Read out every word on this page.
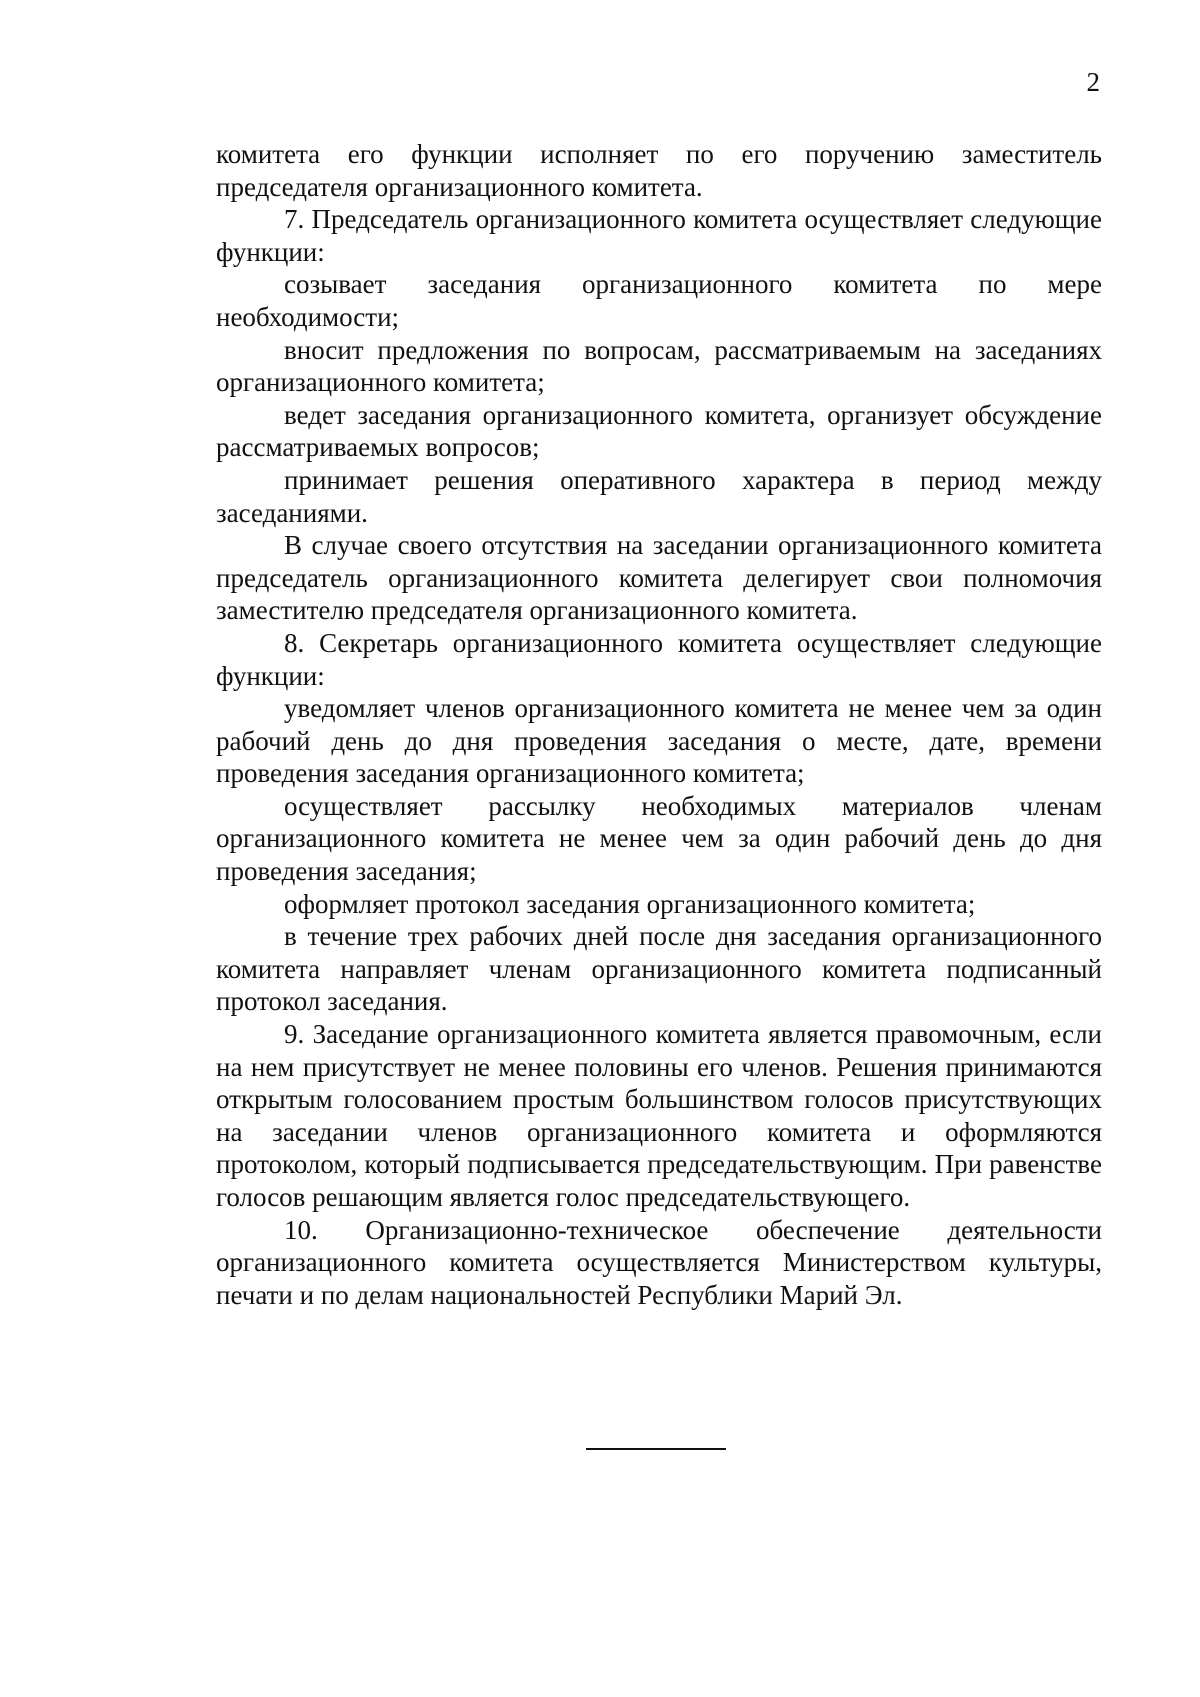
2

комитета его функции исполняет по его поручению заместитель председателя организационного комитета.

7. Председатель организационного комитета осуществляет следующие функции:

созывает заседания организационного комитета по мере необходимости;

вносит предложения по вопросам, рассматриваемым на заседаниях организационного комитета;

ведет заседания организационного комитета, организует обсуждение рассматриваемых вопросов;

принимает решения оперативного характера в период между заседаниями.

В случае своего отсутствия на заседании организационного комитета председатель организационного комитета делегирует свои полномочия заместителю председателя организационного комитета.

8. Секретарь организационного комитета осуществляет следующие функции:

уведомляет членов организационного комитета не менее чем за один рабочий день до дня проведения заседания о месте, дате, времени проведения заседания организационного комитета;

осуществляет рассылку необходимых материалов членам организационного комитета не менее чем за один рабочий день до дня проведения заседания;

оформляет протокол заседания организационного комитета;

в течение трех рабочих дней после дня заседания организационного комитета направляет членам организационного комитета подписанный протокол заседания.

9. Заседание организационного комитета является правомочным, если на нем присутствует не менее половины его членов. Решения принимаются открытым голосованием простым большинством голосов присутствующих на заседании членов организационного комитета и оформляются протоколом, который подписывается председательствующим. При равенстве голосов решающим является голос председательствующего.

10. Организационно-техническое обеспечение деятельности организационного комитета осуществляется Министерством культуры, печати и по делам национальностей Республики Марий Эл.
